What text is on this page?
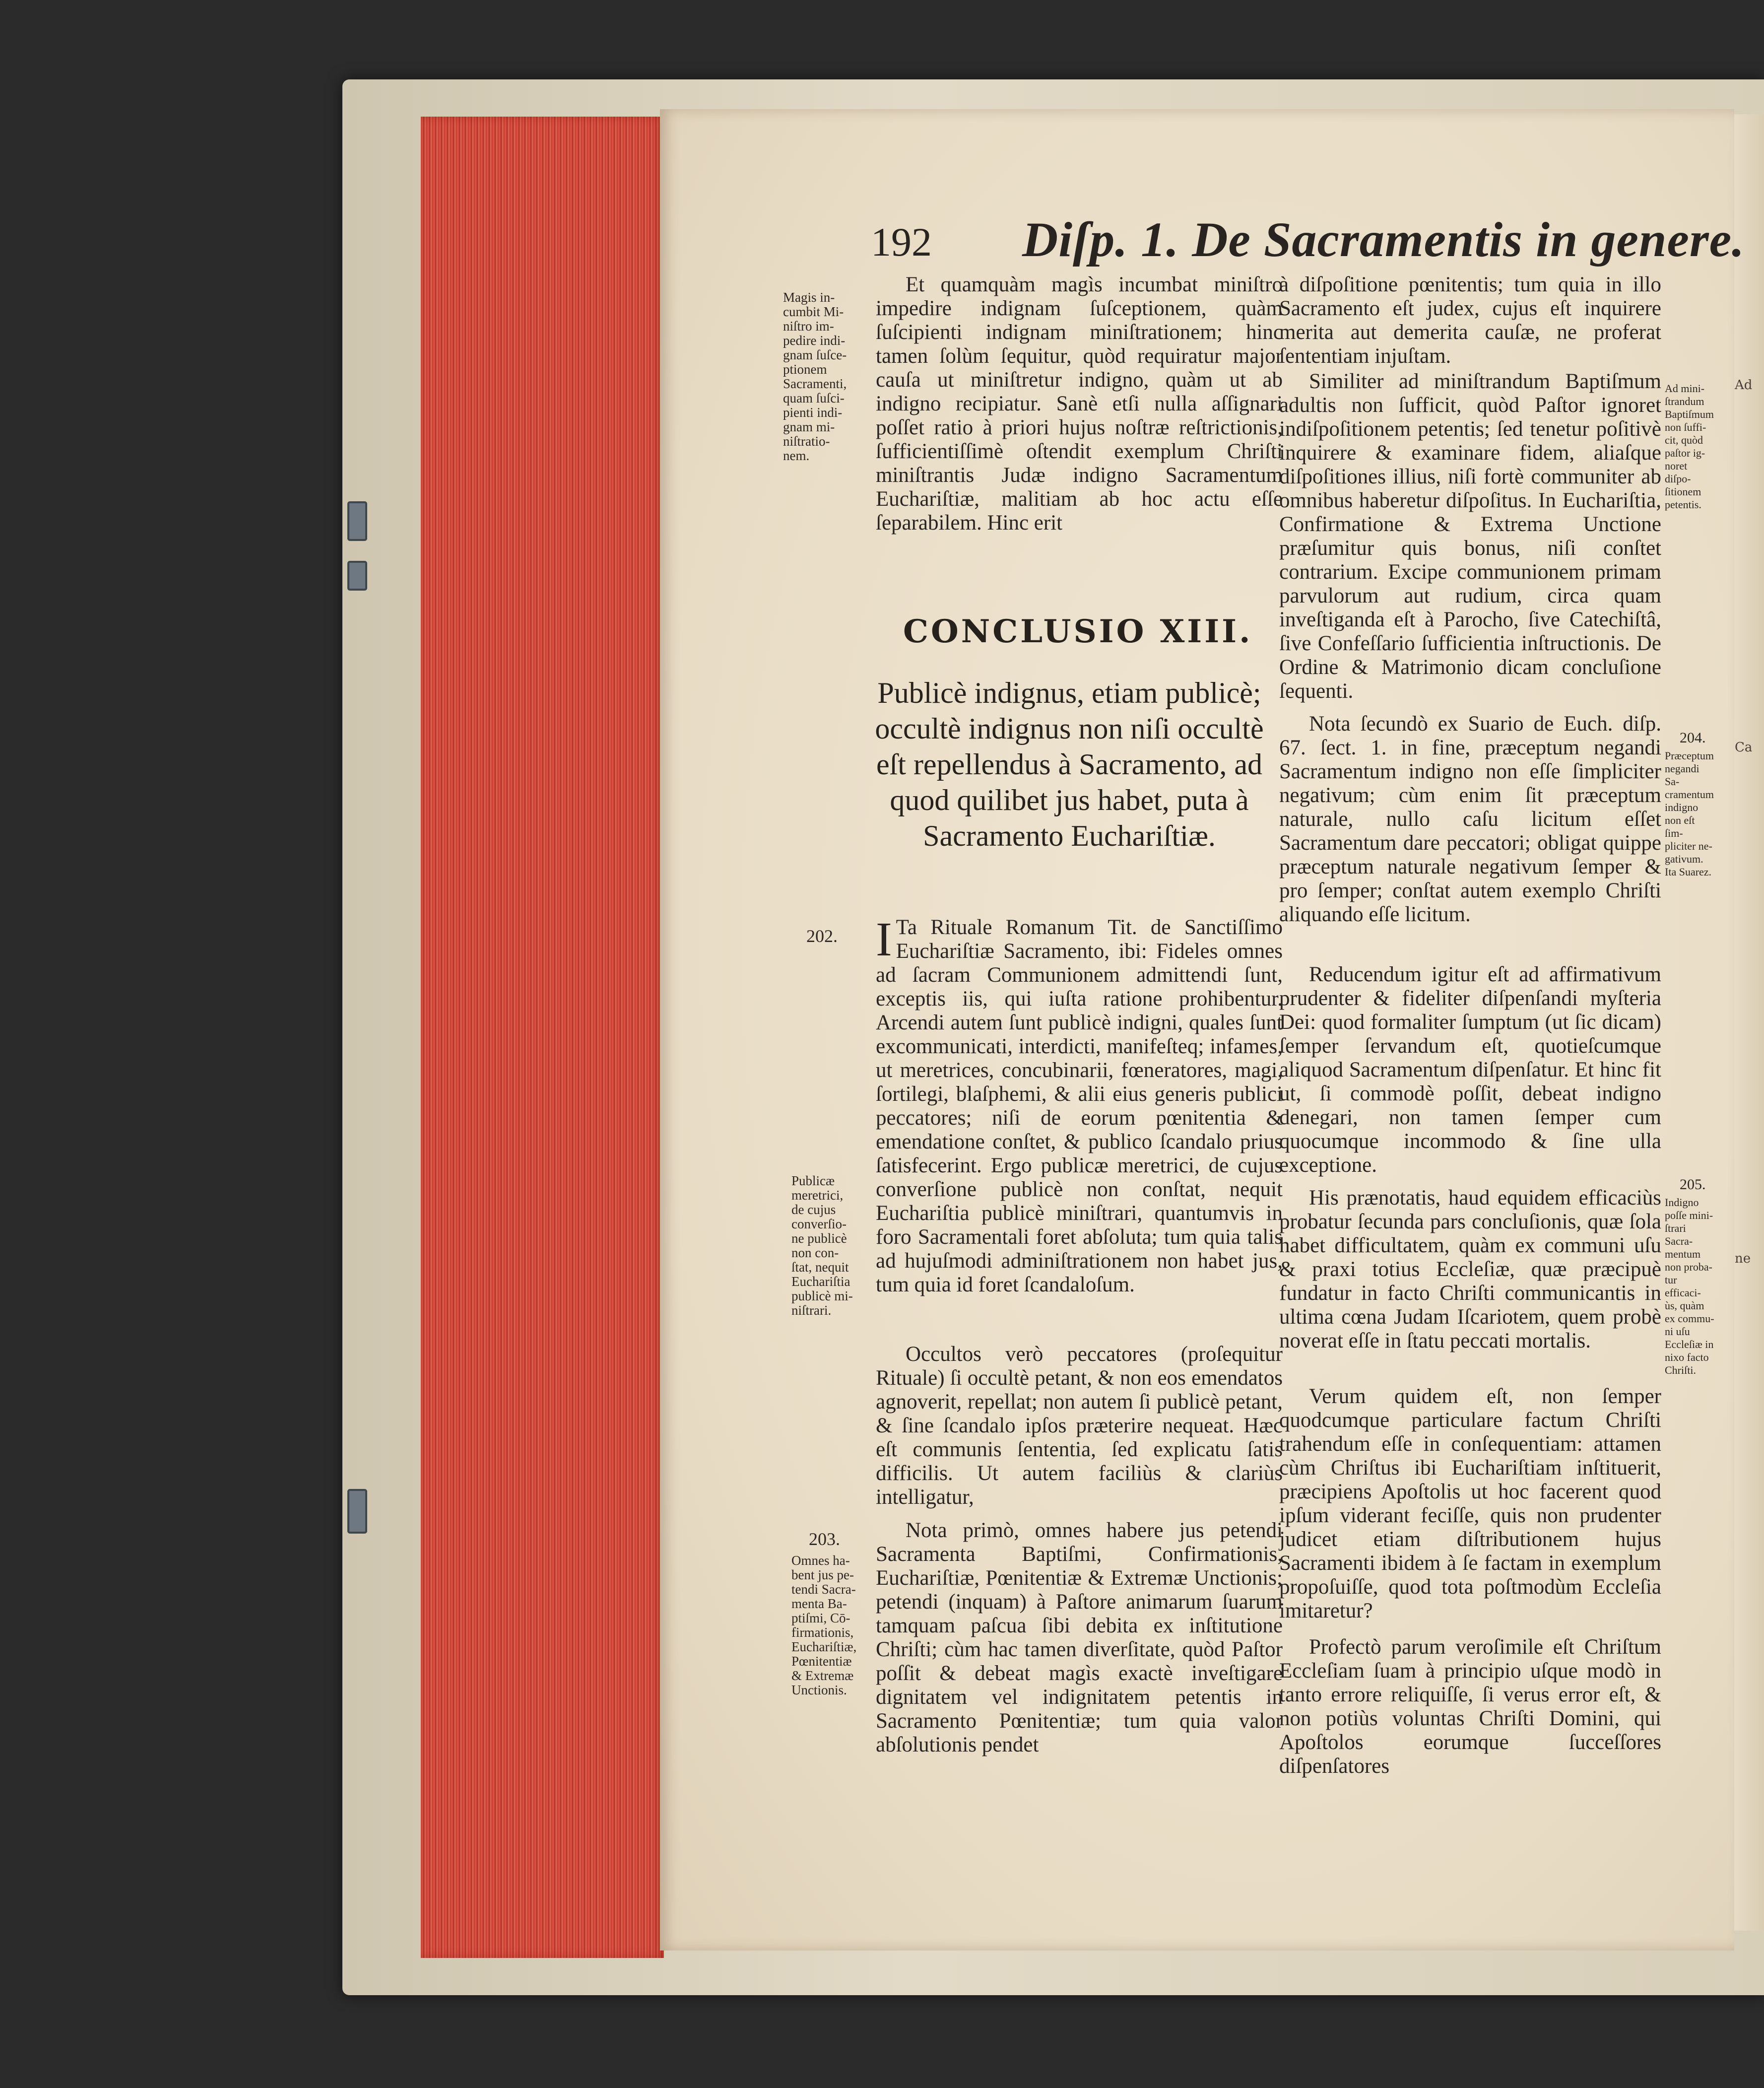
Ad
Ca
ne
192 Diſp. 1. De Sacramentis in genere.

Et quamquàm magìs incumbat miniſtro impedire indignam ſuſceptionem, quàm ſuſcipienti indignam miniſtrationem; hinc tamen ſolùm ſequitur, quòd requiratur major cauſa ut miniſtretur indigno, quàm ut ab indigno recipiatur. Sanè etſi nulla aſſignari poſſet ratio à priori hujus noſtræ reſtrictionis, ſufficientiſſimè oſtendit exemplum Chriſti miniſtrantis Judæ indigno Sacramentum Euchariſtiæ, malitiam ab hoc actu eſſe ſeparabilem. Hinc erit

CONCLUSIO XIII.
Publicè indignus, etiam publicè; occultè indignus non niſi occultè eſt repellendus à Sacramento, ad quod quilibet jus habet, puta à Sacramento Euchariſtiæ.

I Ta Rituale Romanum Tit. de Sanctiſſimo Euchariſtiæ Sacramento, ibi: Fideles omnes ad ſacram Communionem admittendi ſunt, exceptis iis, qui iuſta ratione prohibentur. Arcendi autem ſunt publicè indigni, quales ſunt excommunicati, interdicti, manifeſteq; infames, ut meretrices, concubinarii, fœneratores, magi, ſortilegi, blaſphemi, & alii eius generis publici peccatores; niſi de eorum pœnitentia & emendatione conſtet, & publico ſcandalo prius ſatisfecerint. Ergo publicæ meretrici, de cujus converſione publicè non conſtat, nequit Euchariſtia publicè miniſtrari, quantumvis in foro Sacramentali foret abſoluta; tum quia talis ad hujuſmodi adminiſtrationem non habet jus, tum quia id foret ſcandaloſum.

Occultos verò peccatores (proſequitur Rituale) ſi occultè petant, & non eos emendatos agnoverit, repellat; non autem ſi publicè petant, & ſine ſcandalo ipſos præterire nequeat. Hæc eſt communis ſententia, ſed explicatu ſatis difficilis. Ut autem faciliùs & clariùs intelligatur,

Nota primò, omnes habere jus petendi Sacramenta Baptiſmi, Confirmationis, Euchariſtiæ, Pœnitentiæ & Extremæ Unctionis; petendi (inquam) à Paſtore animarum ſuarum tamquam paſcua ſibi debita ex inſtitutione Chriſti; cùm hac tamen diverſitate, quòd Paſtor poſſit & debeat magìs exactè inveſtigare dignitatem vel indignitatem petentis in Sacramento Pœnitentiæ; tum quia valor abſolutionis pendet

à diſpoſitione pœnitentis; tum quia in illo Sacramento eſt judex, cujus eſt inquirere merita aut demerita cauſæ, ne proferat ſententiam injuſtam.

Similiter ad miniſtrandum Baptiſmum adultis non ſufficit, quòd Paſtor ignoret indiſpoſitionem petentis; ſed tenetur poſitivè inquirere & examinare fidem, aliaſque diſpoſitiones illius, niſi fortè communiter ab omnibus haberetur diſpoſitus. In Euchariſtia, Confirmatione & Extrema Unctione præſumitur quis bonus, niſi conſtet contrarium. Excipe communionem primam parvulorum aut rudium, circa quam inveſtiganda eſt à Parocho, ſive Catechiſtâ, ſive Confeſſario ſufficientia inſtructionis. De Ordine & Matrimonio dicam concluſione ſequenti.

Nota ſecundò ex Suario de Euch. diſp. 67. ſect. 1. in fine, præceptum negandi Sacramentum indigno non eſſe ſimpliciter negativum; cùm enim ſit præceptum naturale, nullo caſu licitum eſſet Sacramentum dare peccatori; obligat quippe præceptum naturale negativum ſemper & pro ſemper; conſtat autem exemplo Chriſti aliquando eſſe licitum.

Reducendum igitur eſt ad affirmativum prudenter & fideliter diſpenſandi myſteria Dei: quod formaliter ſumptum (ut ſic dicam) ſemper ſervandum eſt, quotieſcumque aliquod Sacramentum diſpenſatur. Et hinc fit ut, ſi commodè poſſit, debeat indigno denegari, non tamen ſemper cum quocumque incommodo & ſine ulla exceptione.

His prænotatis, haud equidem efficaciùs probatur ſecunda pars concluſionis, quæ ſola habet difficultatem, quàm ex communi uſu & praxi totius Eccleſiæ, quæ præcipuè fundatur in facto Chriſti communicantis in ultima cœna Judam Iſcariotem, quem probè noverat eſſe in ſtatu peccati mortalis.

Verum quidem eſt, non ſemper quodcumque particulare factum Chriſti trahendum eſſe in conſequentiam: attamen cùm Chriſtus ibi Euchariſtiam inſtituerit, præcipiens Apoſtolis ut hoc facerent quod ipſum viderant feciſſe, quis non prudenter judicet etiam diſtributionem hujus Sacramenti ibidem à ſe factam in exemplum propoſuiſſe, quod tota poſtmodùm Eccleſia imitaretur?

Profectò parum veroſimile eſt Chriſtum Eccleſiam ſuam à principio uſque modò in tanto errore reliquiſſe, ſi verus error eſt, & non potiùs voluntas Chriſti Domini, qui Apoſtolos eorumque ſucceſſores diſpenſatores

Magis in-
cumbit Mi-
niſtro im-
pedire indi-
gnam ſuſce-
ptionem
Sacramenti,
quam ſuſci-
pienti indi-
gnam mi-
niſtratio-
nem.
202.
Publicæ
meretrici,
de cujus
converſio-
ne publicè
non con-
ſtat, nequit
Euchariſtia
publicè mi-
niſtrari.
203.
Omnes ha-
bent jus pe-
tendi Sacra-
menta Ba-
ptiſmi, Cō-
firmationis,
Euchariſtiæ,
Pœnitentiæ
& Extremæ
Unctionis.
Ad mini-
ſtrandum
Baptiſmum
non ſuffi-
cit, quòd
paſtor ig-
noret diſpo-
ſitionem
petentis.
204.
Præceptum
negandi Sa-
cramentum
indigno
non eſt ſim-
pliciter ne-
gativum.
Ita Suarez.
205.
Indigno
poſſe mini-
ſtrari Sacra-
mentum
non proba-
tur efficaci-
ùs, quàm
ex commu-
ni uſu
Eccleſiæ in
nixo facto
Chriſti.
